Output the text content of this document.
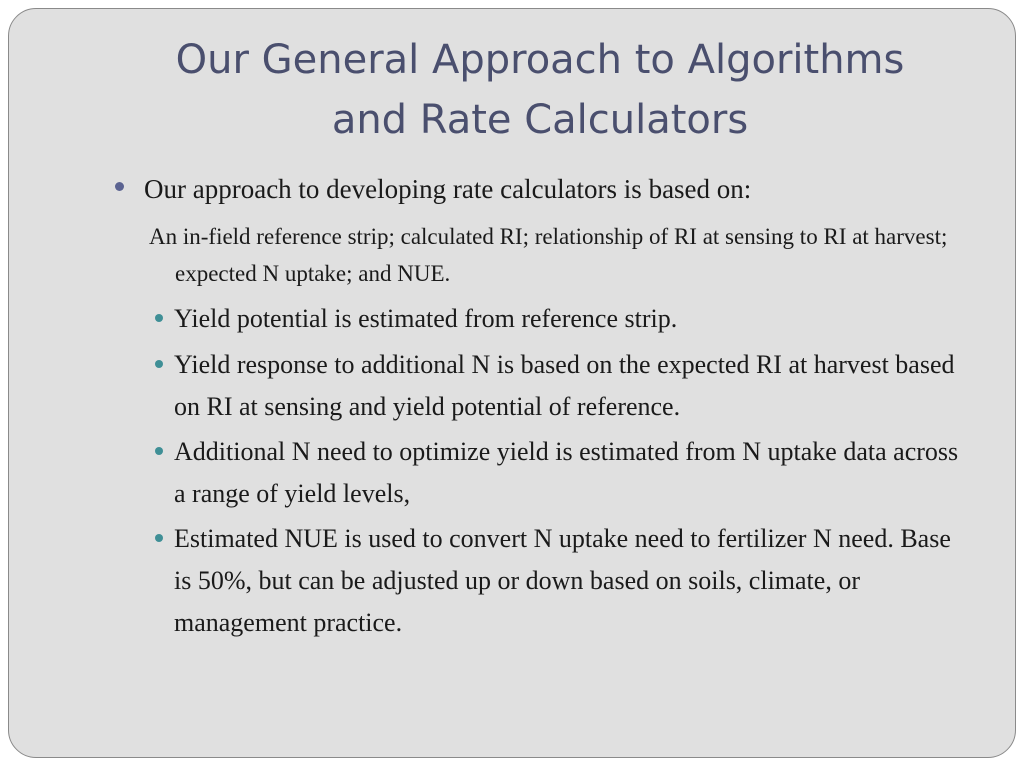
Our General Approach to Algorithms
and Rate Calculators

Our approach to developing rate calculators is based on:

An in-field reference strip; calculated RI; relationship of RI at sensing to RI at harvest; expected N uptake; and NUE.

Yield potential is estimated from reference strip.

Yield response to additional N is based on the expected RI at harvest based on RI at sensing and yield potential of reference.

Additional N need to optimize yield is estimated from N uptake data across a range of yield levels,

Estimated NUE is used to convert N uptake need to fertilizer N need. Base is 50%, but can be adjusted up or down based on soils, climate, or management practice.
